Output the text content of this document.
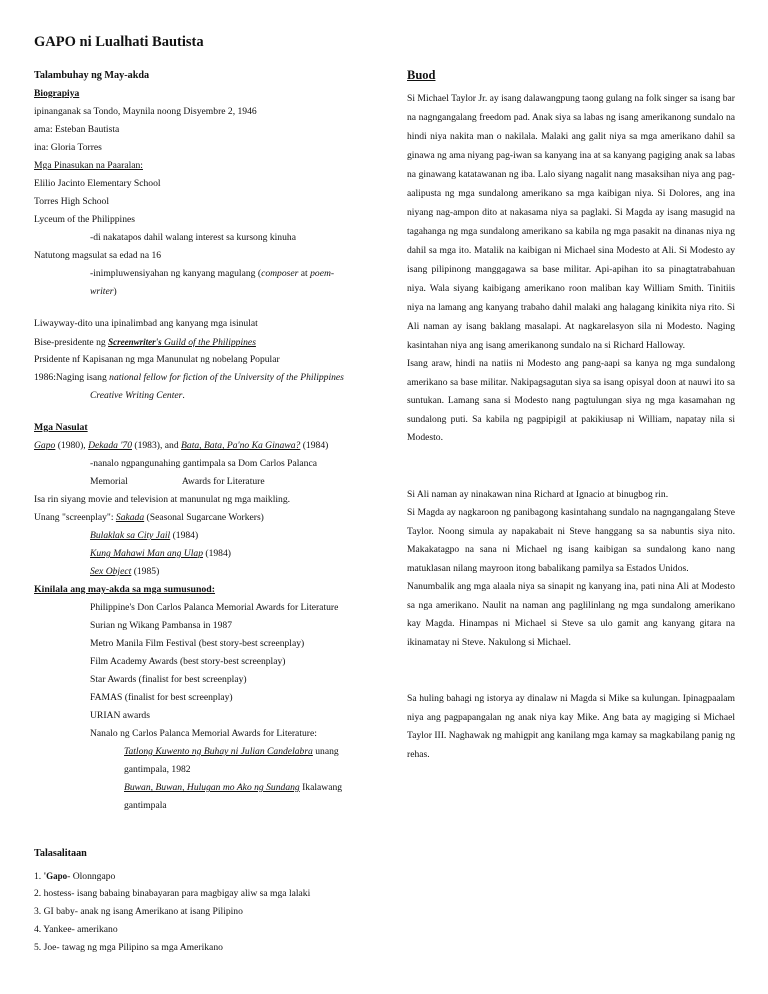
GAPO ni Lualhati Bautista
Talambuhay ng May-akda
Biograpiya
ipinanganak sa Tondo, Maynila noong Disyembre 2, 1946
ama: Esteban Bautista
ina: Gloria Torres
Mga Pinasukan na Paaralan:
Elilio Jacinto Elementary School
Torres High School
Lyceum of the Philippines
-di nakatapos dahil walang interest sa kursong kinuha
Natutong magsulat sa edad na 16
-inimpluwensiyahan ng kanyang magulang (composer at poem-
writer)
Liwayway-dito una ipinalimbad ang kanyang mga isinulat
Bise-presidente ng Screenwriter's Guild of the Philippines
Prsidente nf Kapisanan ng mga Manunulat ng nobelang Popular
1986:Naging isang national fellow for fiction of the University of the Philippines
Creative Writing Center.
Mga Nasulat
Gapo (1980), Dekada '70 (1983), and Bata, Bata, Pa'no Ka Ginawa? (1984)
-nanalo ngpangunahing gantimpala sa Dom Carlos Palanca
Memorial	Awards for Literature
Isa rin siyang movie and television at manunulat ng mga maikling.
Unang "screenplay": Sakada (Seasonal Sugarcane Workers)
Bulaklak sa City Jail (1984)
Kung Mahawi Man ang Ulap (1984)
Sex Object (1985)
Kinilala ang may-akda sa mga sumusunod:
Philippine's Don Carlos Palanca Memorial Awards for Literature
Surian ng Wikang Pambansa in 1987
Metro Manila Film Festival (best story-best screenplay)
Film Academy Awards (best story-best screenplay)
Star Awards (finalist for best screenplay)
FAMAS (finalist for best screenplay)
URIAN awards
Nanalo ng Carlos Palanca Memorial Awards for Literature:
Tatlong Kuwento ng Buhay ni Julian Candelabra unang
gantimpala, 1982
Buwan, Buwan, Hulugan mo Ako ng Sundang Ikalawang
gantimpala
Talasalitaan
1. 'Gapo- Olonngapo
2. hostess- isang babaing binabayaran para magbigay aliw sa mga lalaki
3. GI baby- anak ng isang Amerikano at isang Pilipino
4. Yankee- amerikano
5. Joe- tawag ng mga Pilipino sa mga Amerikano
Buod
Si Michael Taylor Jr. ay isang dalawangpung taong gulang na folk singer sa isang bar na nagngangalang freedom pad. Anak siya sa labas ng isang amerikanong sundalo na hindi niya nakita man o nakilala. Malaki ang galit niya sa mga amerikano dahil sa ginawa ng ama niyang pag-iwan sa kanyang ina at sa kanyang pagiging anak sa labas na ginawang katatawanan ng iba. Lalo siyang nagalit nang masaksihan niya ang pag-aalipusta ng mga sundalong amerikano sa mga kaibigan niya. Si Dolores, ang ina niyang nag-ampon dito at nakasama niya sa paglaki. Si Magda ay isang masugid na tagahanga ng mga sundalong amerikano sa kabila ng mga pasakit na dinanas niya ng dahil sa mga ito. Matalik na kaibigan ni Michael sina Modesto at Ali. Si Modesto ay isang pilipinong manggagawa sa base militar. Api-apihan ito sa pinagtatrabahuan niya. Wala siyang kaibigang amerikano roon maliban kay William Smith. Tinitiis niya na lamang ang kanyang trabaho dahil malaki ang halagang kinikita niya rito. Si Ali naman ay isang baklang masalapi. At nagkarelasyon sila ni Modesto. Naging kasintahan niya ang isang amerikanong sundalo na si Richard Halloway.
Isang araw, hindi na natiis ni Modesto ang pang-aapi sa kanya ng mga sundalong amerikano sa base militar. Nakipagsagutan siya sa isang opisyal doon at nauwi ito sa suntukan. Lamang sana si Modesto nang pagtulungan siya ng mga kasamahan ng sundalong puti. Sa kabila ng pagpipigil at pakikiusap ni William, napatay nila si Modesto.
Si Ali naman ay ninakawan nina Richard at Ignacio at binugbog rin.
Si Magda ay nagkaroon ng panibagong kasintahang sundalo na nagngangalang Steve Taylor. Noong simula ay napakabait ni Steve hanggang sa sa nabuntis siya nito. Makakatagpo na sana ni Michael ng isang kaibigan sa sundalong kano nang matuklasan nilang mayroon itong babalikang pamilya sa Estados Unidos.
Nanumbalik ang mga alaala niya sa sinapit ng kanyang ina, pati nina Ali at Modesto sa nga amerikano. Naulit na naman ang paglilinlang ng mga sundalong amerikano kay Magda. Hinampas ni Michael si Steve sa ulo gamit ang kanyang gitara na ikinamatay ni Steve. Nakulong si Michael.
Sa huling bahagi ng istorya ay dinalaw ni Magda si Mike sa kulungan. Ipinagpaalam niya ang pagpapangalan ng anak niya kay Mike. Ang bata ay magiging si Michael Taylor III. Naghawak ng mahigpit ang kanilang mga kamay sa magkabilang panig ng rehas.
